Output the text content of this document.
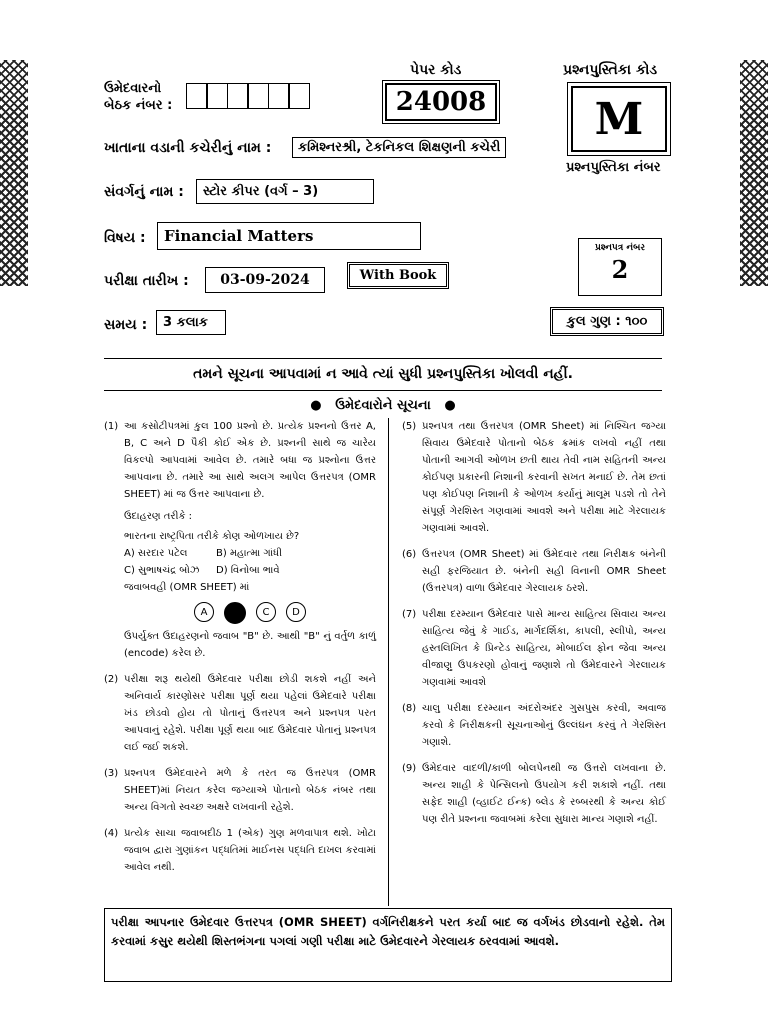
ઉમેદવારનો
બેઠક નંબર :
પેપર કોડ
24008
પ્રશ્નપુસ્તિકા કોડ
M
પ્રશ્નપુસ્તિકા નંબર
ખાતાના વડાની કચેરીનું નામ :	કમિશ્નરશ્રી, ટેકનિકલ શિક્ષણની કચેરી
સંવર્ગનું નામ :	સ્ટોર કીપર (વર્ગ – 3)
વિષય :	Financial Matters
પ્રશ્નપત્ર નંબર
2
પરીક્ષા તારીખ :	03-09-2024	With Book
સમય :	3 કલાક	કુલ ગુણ : ૧૦૦
તમને સૂચના આપવામાં ન આવે ત્યાં સુધી પ્રશ્નપુસ્તિકા ખોલવી નહીં.
● ઉમેદવારોને સૂચના ●
(1) આ કસોટીપત્રમાં કુલ 100 પ્રશ્નો છે. પ્રત્યેક પ્રશ્નનો ઉત્તર A, B, C અને D પૈકી કોઈ એક છે. પ્રશ્નની સાથે જ ચારેય વિકલ્પો આપવામાં આવેલ છે. તમારે બધા જ પ્રશ્નોના ઉત્તર આપવાના છે. તમારે આ સાથે અલગ આપેલ ઉત્તરપત્ર (OMR SHEET) માં જ ઉત્તર આપવાના છે.
ઉદાહરણ તરીકે :
ભારતના રાષ્ટ્રપિતા તરીકે કોણ ઓળખાય છે?
A) સરદાર પટેલ	B) મહાત્મા ગાંધી
C) સુભાષચંદ્ર બોઝ	D) વિનોબા ભાવે
જવાબવહી (OMR SHEET) માં
A	C	D
ઉપર્યુક્ત ઉદાહરણનો જવાબ "B" છે. આથી "B" નું વર્તુળ કાળું (encode) કરેલ છે.
(2) પરીક્ષા શરૂ થયેથી ઉમેદવાર પરીક્ષા છોડી શકશે નહીં અને અનિવાર્ય કારણોસર પરીક્ષા પૂર્ણ થયા પહેલાં ઉમેદવારે પરીક્ષા ખંડ છોડવો હોય તો પોતાનું ઉત્તરપત્ર અને પ્રશ્નપત્ર પરત આપવાનું રહેશે. પરીક્ષા પૂર્ણ થયા બાદ ઉમેદવાર પોતાનું પ્રશ્નપત્ર લઈ જઈ શકશે.
(3) પ્રશ્નપત્ર ઉમેદવારને મળે કે તરત જ ઉત્તરપત્ર (OMR SHEET)માં નિયત કરેલ જગ્યાએ પોતાનો બેઠક નંબર તથા અન્ય વિગતો સ્વચ્છ અક્ષરે લખવાની રહેશે.
(4) પ્રત્યેક સાચા જવાબદીઠ 1 (એક) ગુણ મળવાપાત્ર થશે. ખોટા જવાબ દ્વારા ગુણાંકન પદ્ધતિમાં માઈનસ પદ્ધતિ દાખલ કરવામાં આવેલ નથી.
(5) પ્રશ્નપત્ર તથા ઉત્તરપત્ર (OMR Sheet) માં નિશ્ચિત જગ્યા સિવાય ઉમેદવારે પોતાનો બેઠક ક્રમાંક લખવો નહીં તથા પોતાની આગવી ઓળખ છતી થાય તેવી નામ સહિતની અન્ય કોઈપણ પ્રકારની નિશાની કરવાની સખત મનાઈ છે. તેમ છતાં પણ કોઈપણ નિશાની કે ઓળખ કર્યાનું માલૂમ પડશે તો તેને સંપૂર્ણ ગેરશિસ્ત ગણવામાં આવશે અને પરીક્ષા માટે ગેરલાયક ગણવામાં આવશે.
(6) ઉત્તરપત્ર (OMR Sheet) માં ઉમેદવાર તથા નિરીક્ષક બંનેની સહી ફરજિયાત છે. બંનેની સહી વિનાની OMR Sheet (ઉત્તરપત્ર) વાળા ઉમેદવાર ગેરલાયક ઠરશે.
(7) પરીક્ષા દરમ્યાન ઉમેદવાર પાસે માન્ય સાહિત્ય સિવાય અન્ય સાહિત્ય જેવું કે ગાઈડ, માર્ગદર્શિકા, કાપલી, સ્લીપો, અન્ય હસ્તલિખિત કે પ્રિન્ટેડ સાહિત્ય, મોબાઈલ ફોન જેવા અન્ય વીજાણુ ઉપકરણો હોવાનું જણાશે તો ઉમેદવારને ગેરલાયક ગણવામાં આવશે
(8) ચાલુ પરીક્ષા દરમ્યાન અંદરોઅંદર ગુસપુસ કરવી, અવાજ કરવો કે નિરીક્ષકની સૂચનાઓનું ઉલ્લંઘન કરવું તે ગેરશિસ્ત ગણાશે.
(9) ઉમેદવાર વાદળી/કાળી બોલપેનથી જ ઉત્તરો લખવાના છે. અન્ય શાહી કે પેન્સિલનો ઉપયોગ કરી શકાશે નહીં. તથા સફેદ શાહી (વ્હાઈટ ઈન્ક) બ્લેડ કે રબ્બરથી કે અન્ય કોઈ પણ રીતે પ્રશ્નના જવાબમાં કરેલા સુધારા માન્ય ગણાશે નહીં.
પરીક્ષા આપનાર ઉમેદવાર ઉત્તરપત્ર (OMR SHEET) વર્ગનિરીક્ષકને પરત કર્યા બાદ જ વર્ગખંડ છોડવાનો રહેશે. તેમ કરવામાં કસુર થયેથી શિસ્તભંગના પગલાં ગણી પરીક્ષા માટે ઉમેદવારને ગેરલાયક ઠરવવામાં આવશે.
